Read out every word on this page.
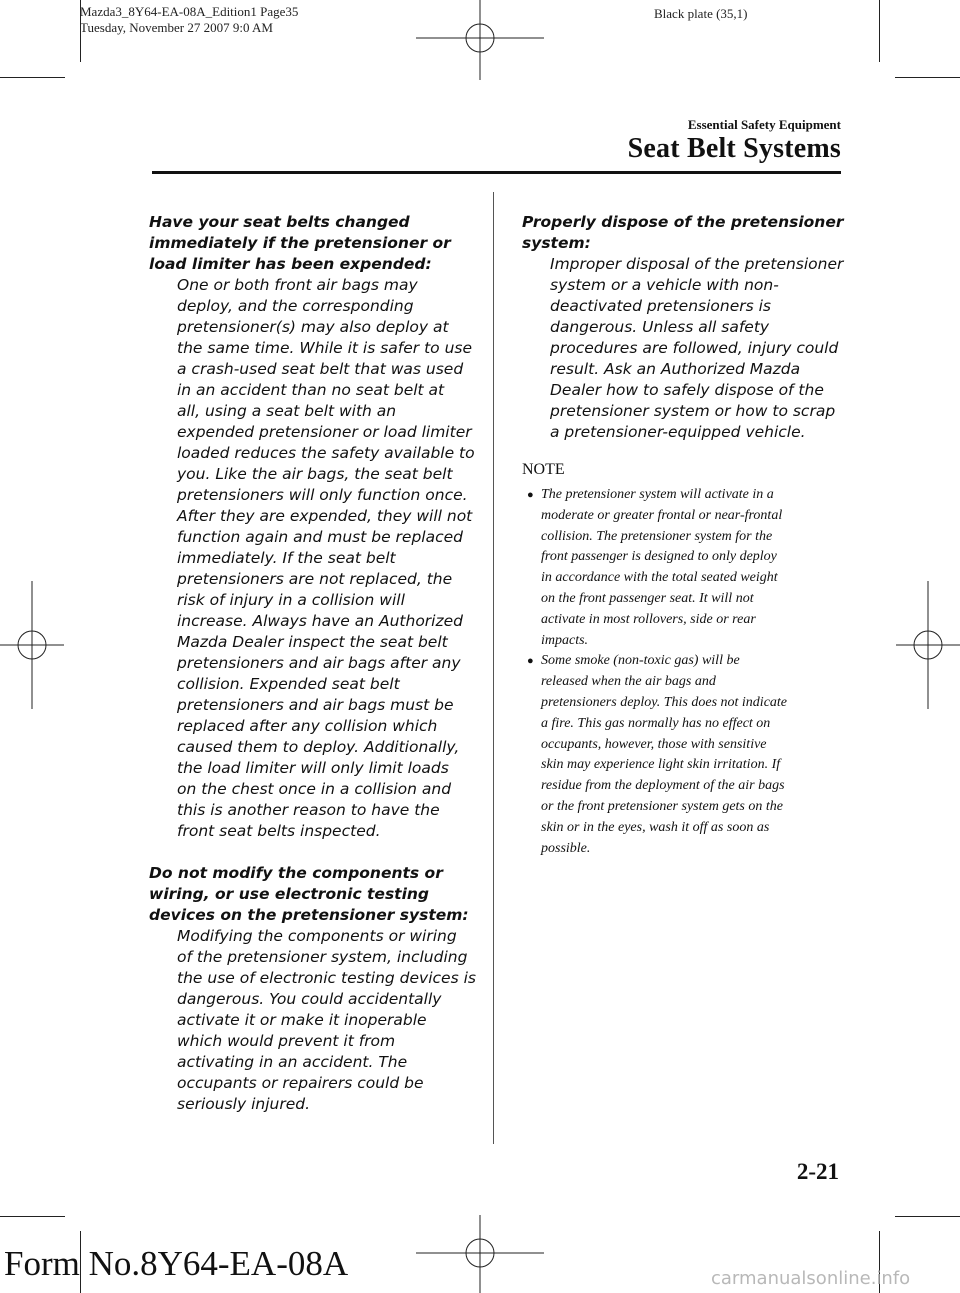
Mazda3_8Y64-EA-08A_Edition1 Page35
Tuesday, November 27 2007 9:0 AM
Black plate (35,1)
Essential Safety Equipment
Seat Belt Systems

Have your seat belts changed immediately if the pretensioner or load limiter has been expended:

One or both front air bags may
deploy, and the corresponding
pretensioner(s) may also deploy at
the same time. While it is safer to use
a crash-used seat belt that was used
in an accident than no seat belt at
all, using a seat belt with an
expended pretensioner or load limiter
loaded reduces the safety available to
you. Like the air bags, the seat belt
pretensioners will only function once.
After they are expended, they will not
function again and must be replaced
immediately. If the seat belt
pretensioners are not replaced, the
risk of injury in a collision will
increase. Always have an Authorized
Mazda Dealer inspect the seat belt
pretensioners and air bags after any
collision. Expended seat belt
pretensioners and air bags must be
replaced after any collision which
caused them to deploy. Additionally,
the load limiter will only limit loads
on the chest once in a collision and
this is another reason to have the
front seat belts inspected.

Do not modify the components or wiring, or use electronic testing devices on the pretensioner system:

Modifying the components or wiring
of the pretensioner system, including
the use of electronic testing devices is
dangerous. You could accidentally
activate it or make it inoperable
which would prevent it from
activating in an accident. The
occupants or repairers could be
seriously injured.

Properly dispose of the pretensioner system:

Improper disposal of the pretensioner
system or a vehicle with non-
deactivated pretensioners is
dangerous. Unless all safety
procedures are followed, injury could
result. Ask an Authorized Mazda
Dealer how to safely dispose of the
pretensioner system or how to scrap
a pretensioner-equipped vehicle.
NOTE
● The pretensioner system will activate in a
moderate or greater frontal or near-frontal
collision. The pretensioner system for the
front passenger is designed to only deploy
in accordance with the total seated weight
on the front passenger seat. It will not
activate in most rollovers, side or rear
impacts.
● Some smoke (non-toxic gas) will be
released when the air bags and
pretensioners deploy. This does not indicate
a fire. This gas normally has no effect on
occupants, however, those with sensitive
skin may experience light skin irritation. If
residue from the deployment of the air bags
or the front pretensioner system gets on the
skin or in the eyes, wash it off as soon as
possible.
2-21
Form No.8Y64-EA-08A	carmanualsonline.info
